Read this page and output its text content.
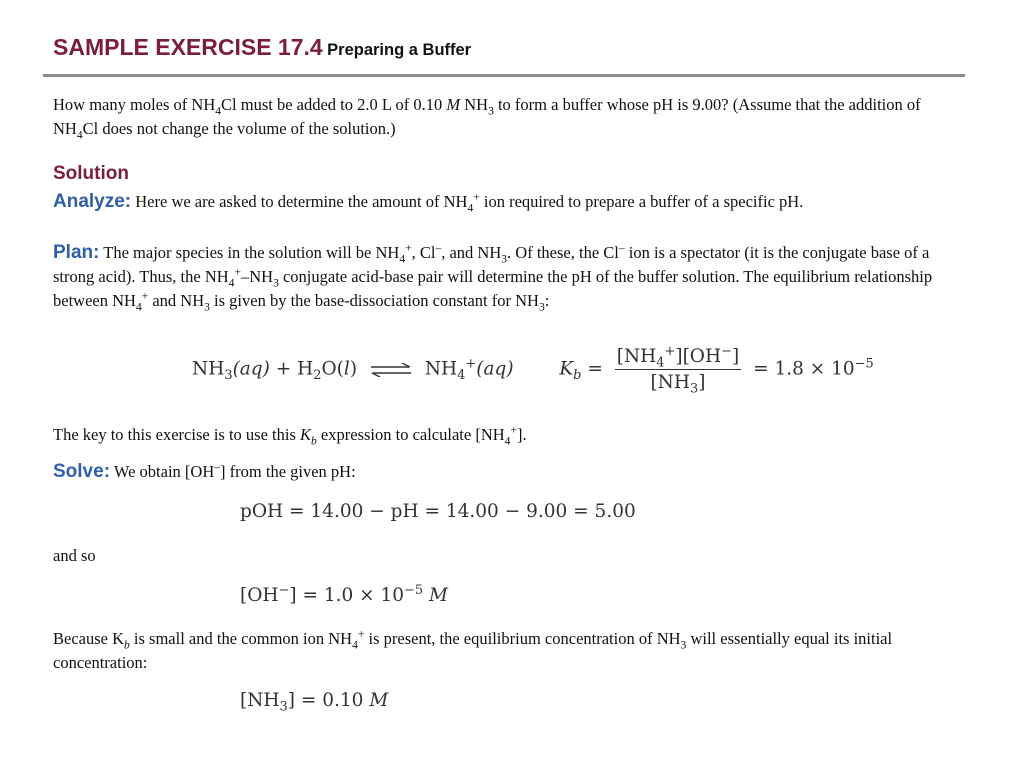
SAMPLE EXERCISE 17.4 Preparing a Buffer
How many moles of $NH_4Cl$ must be added to 2.0 L of 0.10 M $NH_3$ to form a buffer whose pH is 9.00? (Assume that the addition of $NH_4Cl$ does not change the volume of the solution.)
Solution
Analyze: Here we are asked to determine the amount of $NH_4^+$ ion required to prepare a buffer of a specific pH.
Plan: The major species in the solution will be $NH_4^+$, Cl–, and $NH_3$. Of these, the Cl– ion is a spectator (it is the conjugate base of a strong acid). Thus, the $NH_4^+-NH_3$ conjugate acid-base pair will determine the pH of the buffer solution. The equilibrium relationship between $NH_4^+$ and $NH_3$ is given by the base-dissociation constant for $NH_3$:
$NH_3(aq) + H_2O(l)$ ⇌ $NH_4^+(aq) K_b = \frac{[NH_4^+][OH^-]}{[NH_3]} = 1.8 \times 10^{-5}$
The key to this exercise is to use this $K_b$ expression to calculate $[NH_4^+]$.
Solve: We obtain [OH–] from the given pH:
pOH = 14.00 − pH = 14.00 − 9.00 = 5.00
and so
$[OH^-] = 1.0 \times 10^{-5}$ M
Because $K_b$ is small and the common ion $NH_4^+$ is present, the equilibrium concentration of $NH_3$ will essentially equal its initial concentration:
$[NH_3] = 0.10$ M
